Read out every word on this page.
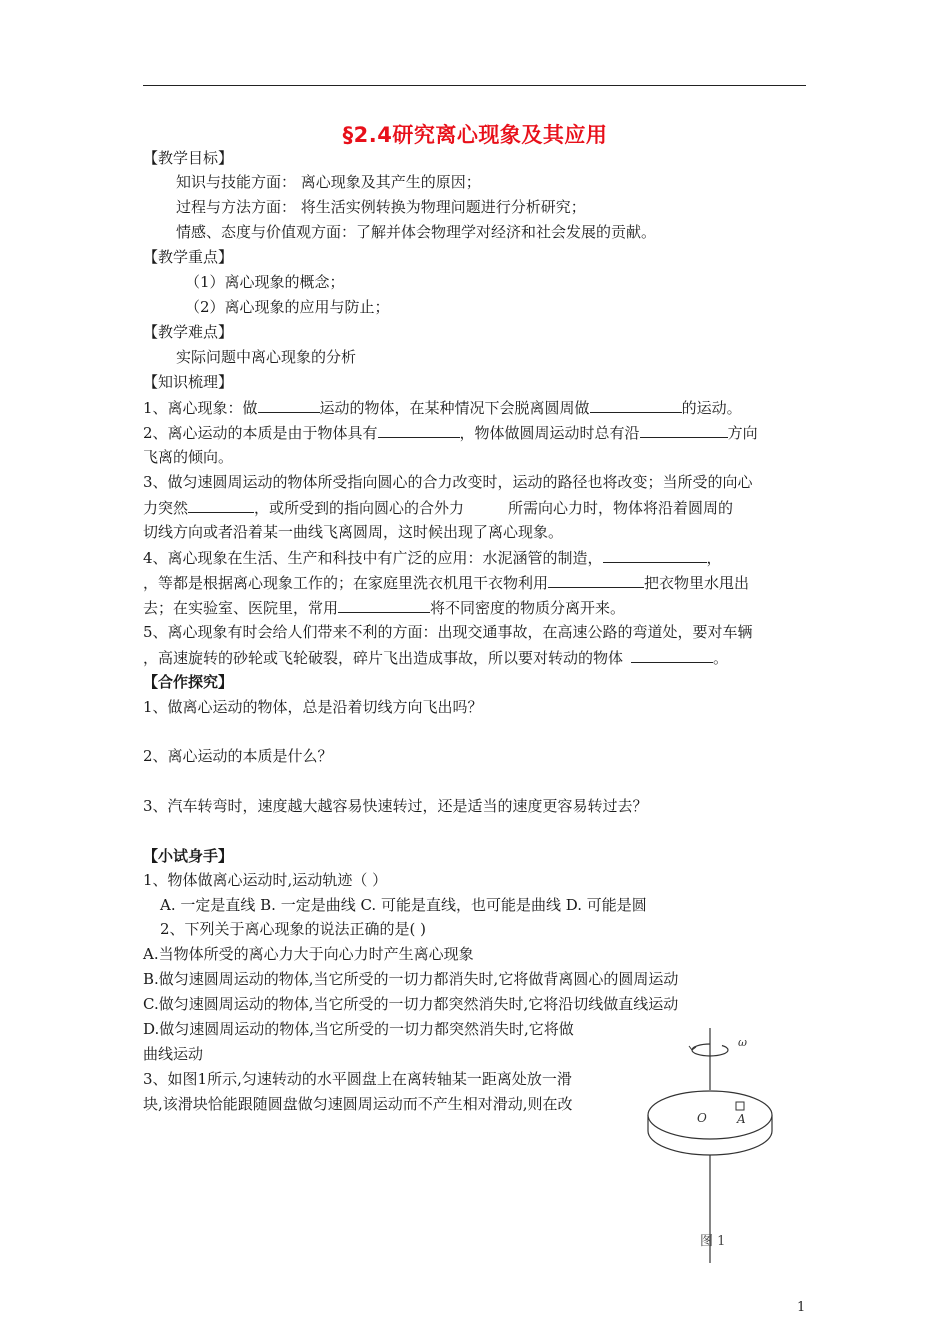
§2.4研究离心现象及其应用
【教学目标】
知识与技能方面： 离心现象及其产生的原因；
过程与方法方面： 将生活实例转换为物理问题进行分析研究；
情感、态度与价值观方面：了解并体会物理学对经济和社会发展的贡献。
【教学重点】
（1）离心现象的概念；
（2）离心现象的应用与防止；
【教学难点】
实际问题中离心现象的分析
【知识梳理】
1、离心现象：做	运动的物体，在某种情况下会脱离圆周做	的运动。
2、离心运动的本质是由于物体具有	，物体做圆周运动时总有沿	方向
飞离的倾向。
3、做匀速圆周运动的物体所受指向圆心的合力改变时，运动的路径也将改变；当所受的向心
力突然	，或所受到的指向圆心的合外力	所需向心力时，物体将沿着圆周的
切线方向或者沿着某一曲线飞离圆周，这时候出现了离心现象。
4、离心现象在生活、生产和科技中有广泛的应用：水泥涵管的制造，	，
，等都是根据离心现象工作的；在家庭里洗衣机甩干衣物利用	把衣物里水甩出
去；在实验室、医院里，常用	将不同密度的物质分离开来。
5、离心现象有时会给人们带来不利的方面：出现交通事故，在高速公路的弯道处，要对车辆
，高速旋转的砂轮或飞轮破裂，碎片飞出造成事故，所以要对转动的物体	。
【合作探究】
1、做离心运动的物体，总是沿着切线方向飞出吗？
2、离心运动的本质是什么？
3、汽车转弯时，速度越大越容易快速转过，还是适当的速度更容易转过去？
【小试身手】
1、物体做离心运动时,运动轨迹（ ）
A. 一定是直线 B. 一定是曲线 C. 可能是直线，也可能是曲线 D. 可能是圆
2、下列关于离心现象的说法正确的是( )
A.当物体所受的离心力大于向心力时产生离心现象
B.做匀速圆周运动的物体,当它所受的一切力都消失时,它将做背离圆心的圆周运动
C.做匀速圆周运动的物体,当它所受的一切力都突然消失时,它将沿切线做直线运动
D.做匀速圆周运动的物体,当它所受的一切力都突然消失时,它将做
曲线运动
3、如图1所示,匀速转动的水平圆盘上在离转轴某一距离处放一滑
块,该滑块恰能跟随圆盘做匀速圆周运动而不产生相对滑动,则在改
ω
O	A
图 1
1
